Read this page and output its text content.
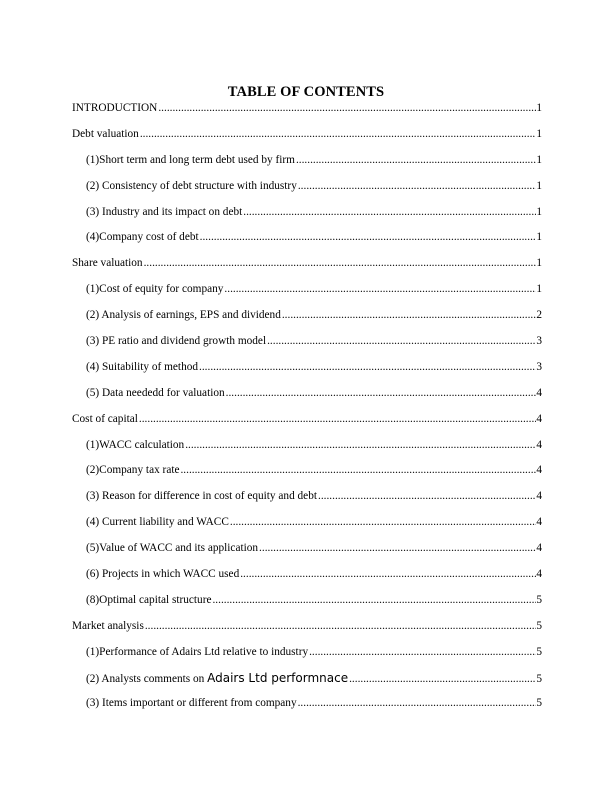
TABLE OF CONTENTS
INTRODUCTION .....	1
Debt valuation .....	1
(1)Short term and long term debt used by firm .....	1
(2) Consistency of debt structure with industry .....	1
(3) Industry and its impact on debt .....	1
(4)Company cost of debt .....	1
Share valuation .....	1
(1)Cost of equity for company .....	1
(2) Analysis of earnings, EPS and dividend .....	2
(3) PE ratio and dividend growth model .....	3
(4) Suitability of method .....	3
(5) Data neededd for valuation .....	4
Cost of capital .....	4
(1)WACC calculation .....	4
(2)Company tax rate .....	4
(3) Reason for difference in cost of equity and debt .....	4
(4) Current liability and WACC .....	4
(5)Value of WACC and its application .....	4
(6) Projects in which WACC used .....	4
(8)Optimal capital structure .....	5
Market analysis .....	5
(1)Performance of Adairs Ltd relative to industry .....	5
(2) Analysts comments on Adairs Ltd performnace .....	5
(3) Items important or different from company .....	5
